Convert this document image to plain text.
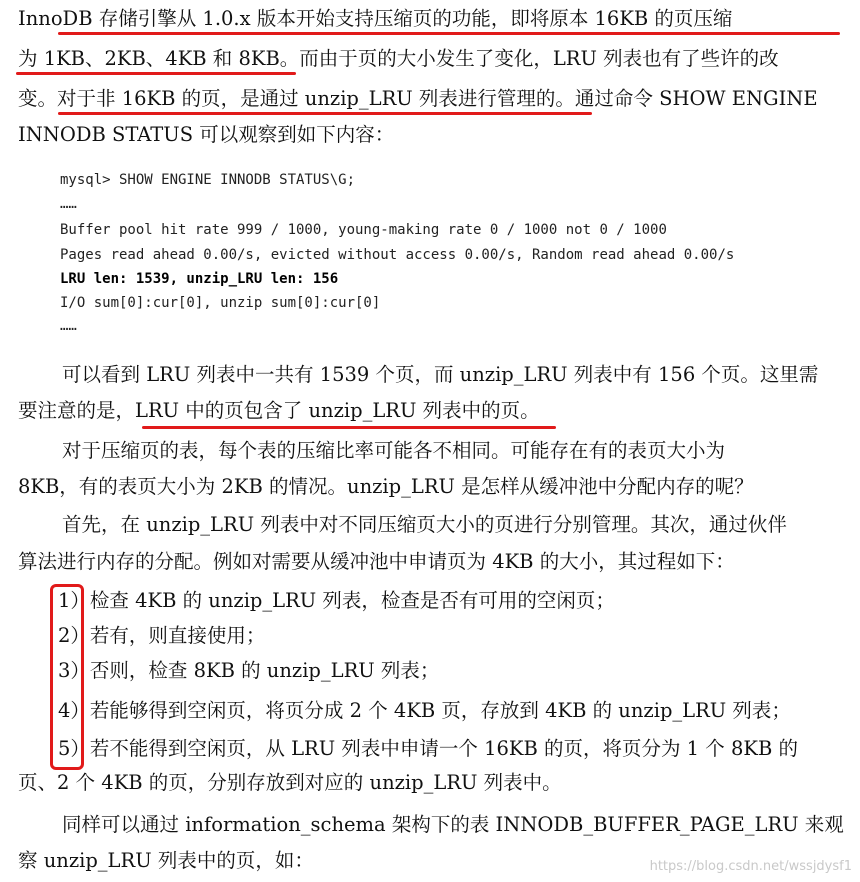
InnoDB 存储引擎从 1.0.x 版本开始支持压缩页的功能，即将原本 16KB 的页压缩
为 1KB、2KB、4KB 和 8KB。而由于页的大小发生了变化，LRU 列表也有了些许的改
变。对于非 16KB 的页，是通过 unzip_LRU 列表进行管理的。通过命令 SHOW ENGINE
INNODB STATUS 可以观察到如下内容：
mysql> SHOW ENGINE INNODB STATUS\G;
……
Buffer pool hit rate 999 / 1000, young-making rate 0 / 1000 not 0 / 1000
Pages read ahead 0.00/s, evicted without access 0.00/s, Random read ahead 0.00/s
LRU len: 1539, unzip_LRU len: 156
I/O sum[0]:cur[0], unzip sum[0]:cur[0]
……
可以看到 LRU 列表中一共有 1539 个页，而 unzip_LRU 列表中有 156 个页。这里需
要注意的是，LRU 中的页包含了 unzip_LRU 列表中的页。
对于压缩页的表，每个表的压缩比率可能各不相同。可能存在有的表页大小为
8KB，有的表页大小为 2KB 的情况。unzip_LRU 是怎样从缓冲池中分配内存的呢？
首先，在 unzip_LRU 列表中对不同压缩页大小的页进行分别管理。其次，通过伙伴
算法进行内存的分配。例如对需要从缓冲池中申请页为 4KB 的大小，其过程如下：
1）检查 4KB 的 unzip_LRU 列表，检查是否有可用的空闲页；
2）若有，则直接使用；
3）否则，检查 8KB 的 unzip_LRU 列表；
4）若能够得到空闲页，将页分成 2 个 4KB 页，存放到 4KB 的 unzip_LRU 列表；
5）若不能得到空闲页，从 LRU 列表中申请一个 16KB 的页，将页分为 1 个 8KB 的
页、2 个 4KB 的页，分别存放到对应的 unzip_LRU 列表中。
同样可以通过 information_schema 架构下的表 INNODB_BUFFER_PAGE_LRU 来观
察 unzip_LRU 列表中的页，如：	https://blog.csdn.net/wssjdysf1
